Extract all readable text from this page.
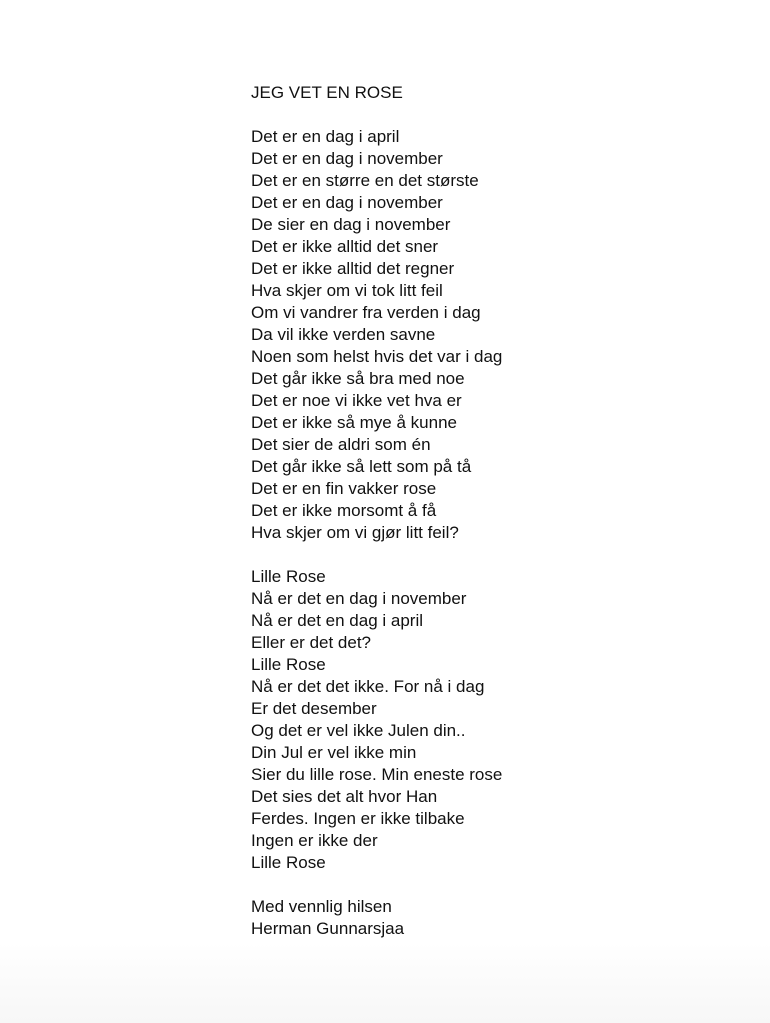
JEG VET EN ROSE
Det er en dag i april
Det er en dag i november
Det er en større en det største
Det er en dag i november
De sier en dag i november
Det er ikke alltid det sner
Det er ikke alltid det regner
Hva skjer om vi tok litt feil
Om vi vandrer fra verden i dag
Da vil ikke verden savne
Noen som helst hvis det var i dag
Det går ikke så bra med noe
Det er noe vi ikke vet hva er
Det er ikke så mye å kunne
Det sier de aldri som én
Det går ikke så lett som på tå
Det er en fin vakker rose
Det er ikke morsomt å få
Hva skjer om vi gjør litt feil?
Lille Rose
Nå er det en dag i november
Nå er det en dag i april
Eller er det det?
Lille Rose
Nå er det det ikke. For nå i dag
Er det desember
Og det er vel ikke Julen din..
Din Jul er vel ikke min
Sier du lille rose. Min eneste rose
Det sies det alt hvor Han
Ferdes. Ingen er ikke tilbake
Ingen er ikke der
Lille Rose
Med vennlig hilsen
Herman Gunnarsjaa
